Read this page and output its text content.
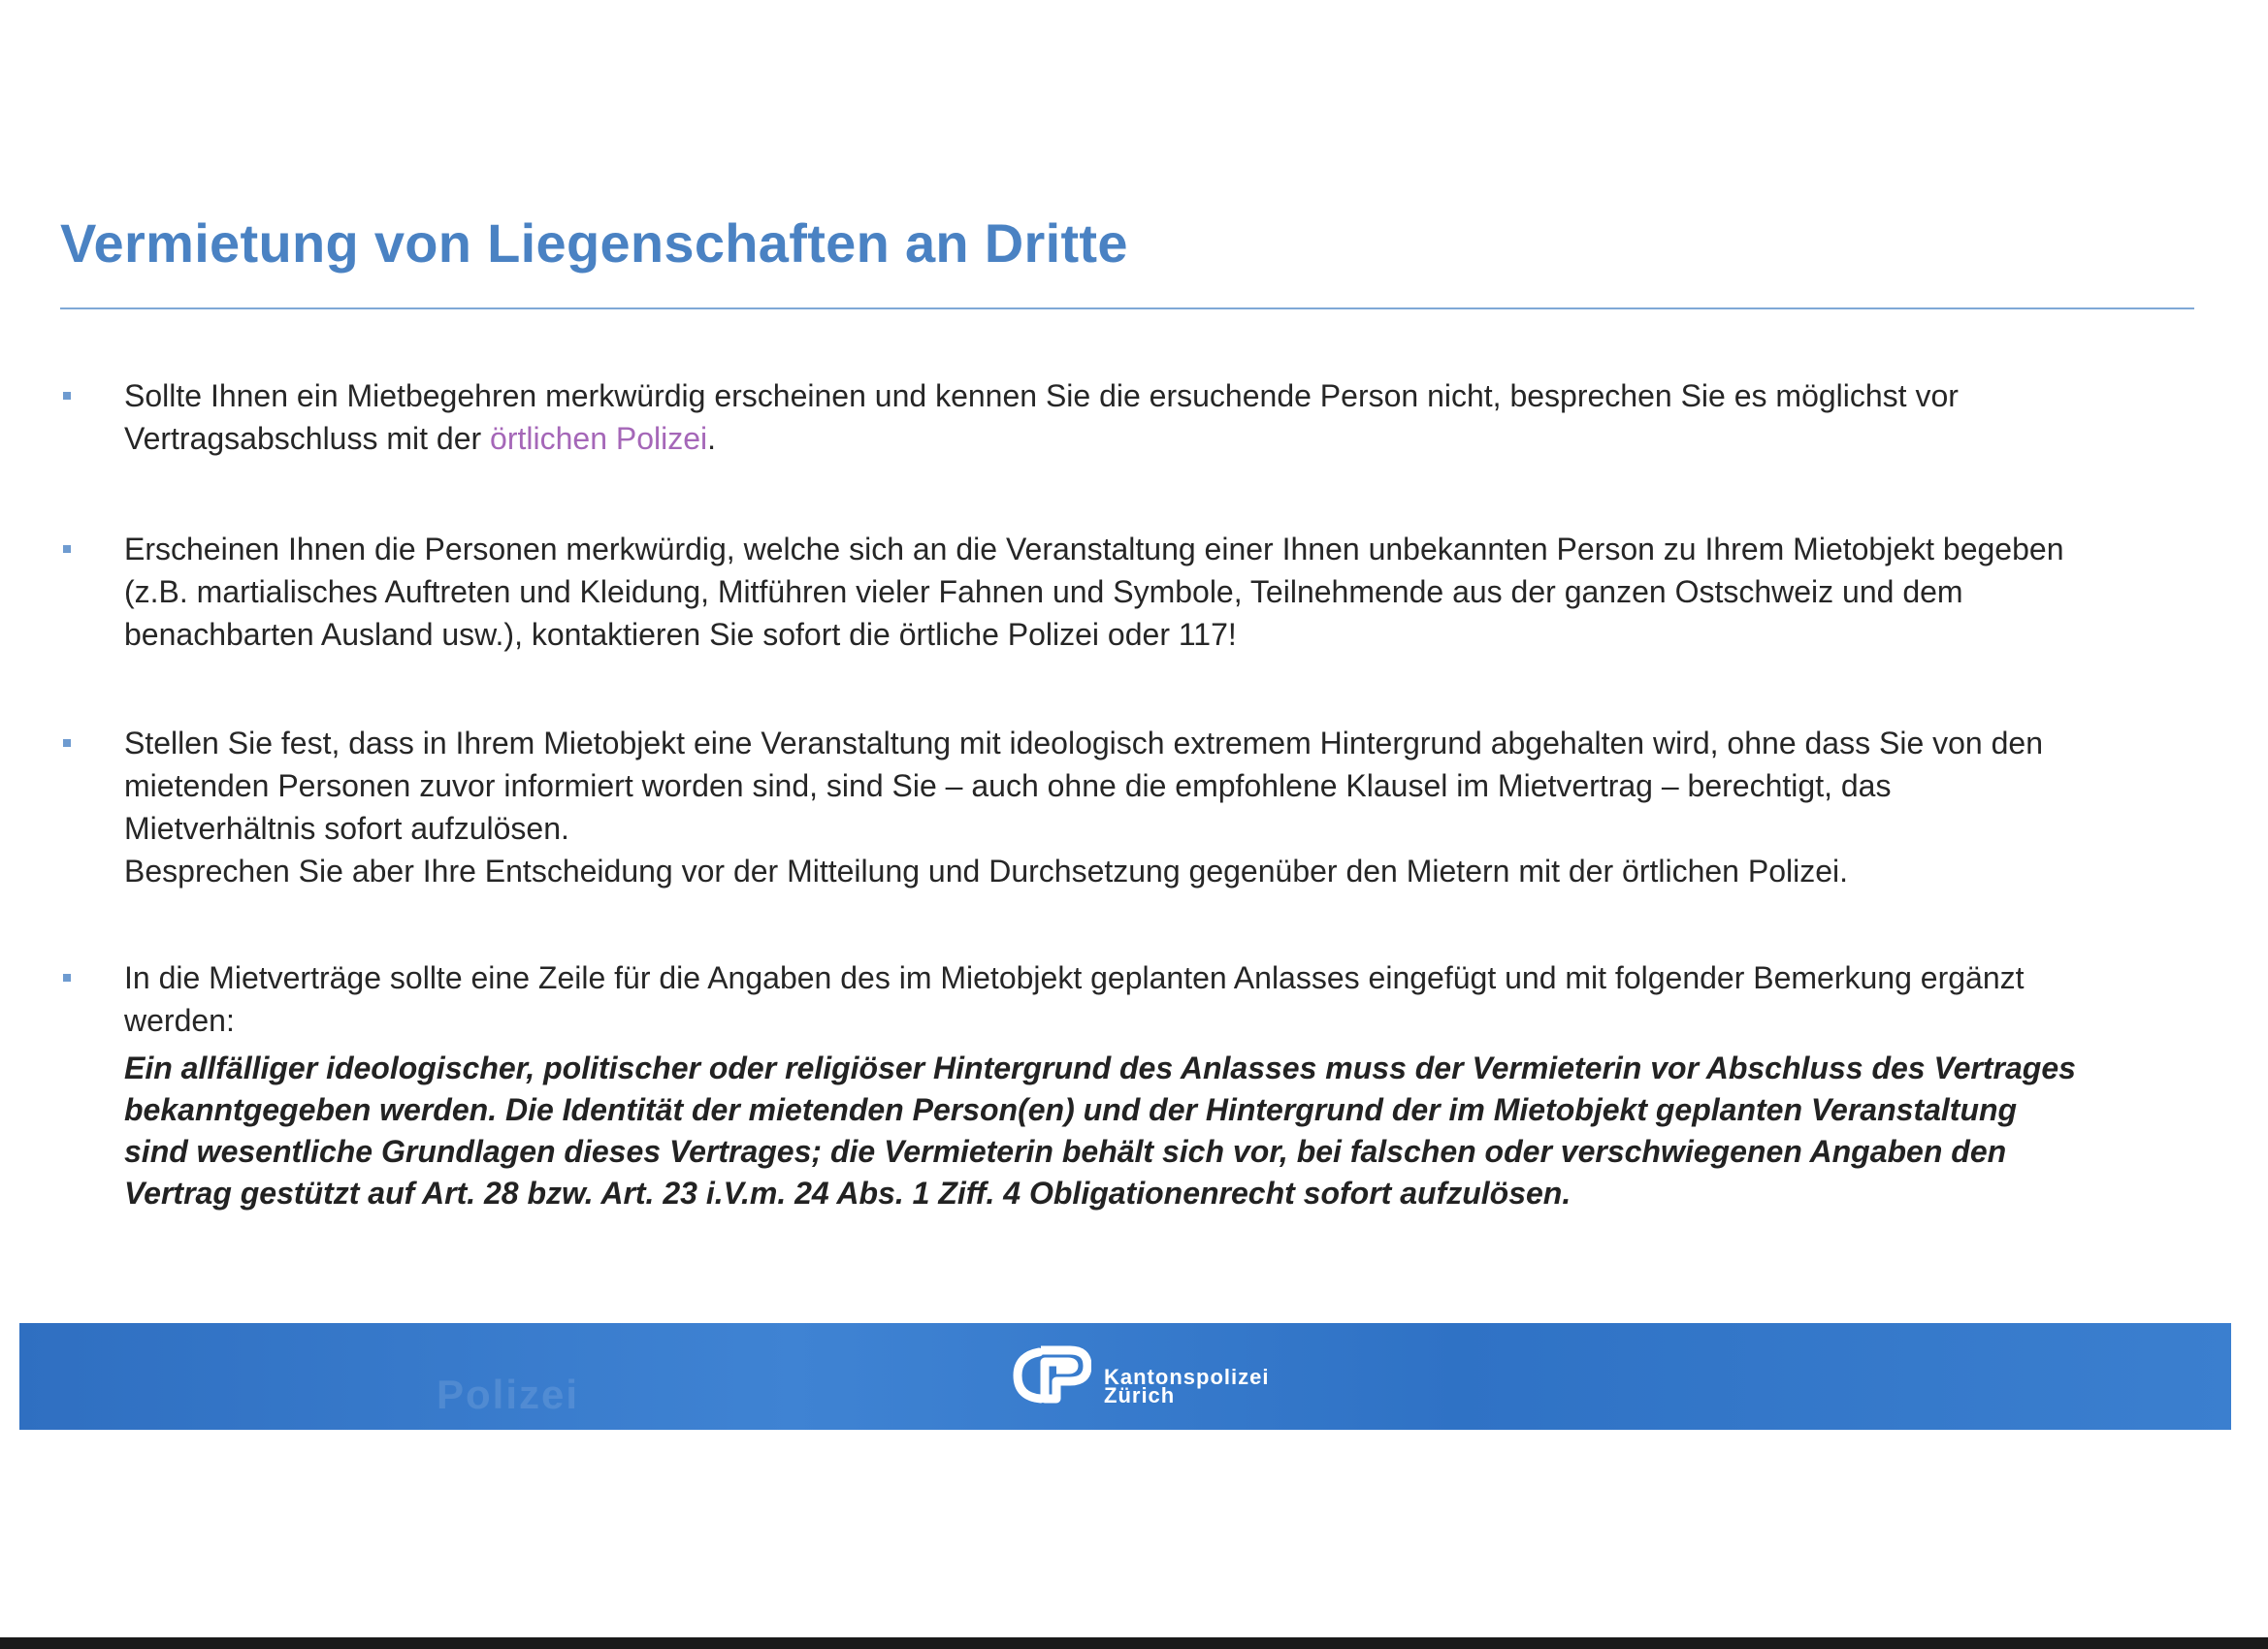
Vermietung von Liegenschaften an Dritte
Sollte Ihnen ein Mietbegehren merkwürdig erscheinen und kennen Sie die ersuchende Person nicht, besprechen Sie es möglichst vor
Vertragsabschluss mit der örtlichen Polizei.
Erscheinen Ihnen die Personen merkwürdig, welche sich an die Veranstaltung einer Ihnen unbekannten Person zu Ihrem Mietobjekt begeben
(z.B. martialisches Auftreten und Kleidung, Mitführen vieler Fahnen und Symbole, Teilnehmende aus der ganzen Ostschweiz und dem
benachbarten Ausland usw.), kontaktieren Sie sofort die örtliche Polizei oder 117!
Stellen Sie fest, dass in Ihrem Mietobjekt eine Veranstaltung mit ideologisch extremem Hintergrund abgehalten wird, ohne dass Sie von den
mietenden Personen zuvor informiert worden sind, sind Sie – auch ohne die empfohlene Klausel im Mietvertrag – berechtigt, das
Mietverhältnis sofort aufzulösen.
Besprechen Sie aber Ihre Entscheidung vor der Mitteilung und Durchsetzung gegenüber den Mietern mit der örtlichen Polizei.
In die Mietverträge sollte eine Zeile für die Angaben des im Mietobjekt geplanten Anlasses eingefügt und mit folgender Bemerkung ergänzt
werden:
Ein allfälliger ideologischer, politischer oder religiöser Hintergrund des Anlasses muss der Vermieterin vor Abschluss des Vertrages
bekanntgegeben werden. Die Identität der mietenden Person(en) und der Hintergrund der im Mietobjekt geplanten Veranstaltung
sind wesentliche Grundlagen dieses Vertrages; die Vermieterin behält sich vor, bei falschen oder verschwiegenen Angaben den
Vertrag gestützt auf Art. 28 bzw. Art. 23 i.V.m. 24 Abs. 1 Ziff. 4 Obligationenrecht sofort aufzulösen.
Polizei	Kantonspolizei
Zürich
